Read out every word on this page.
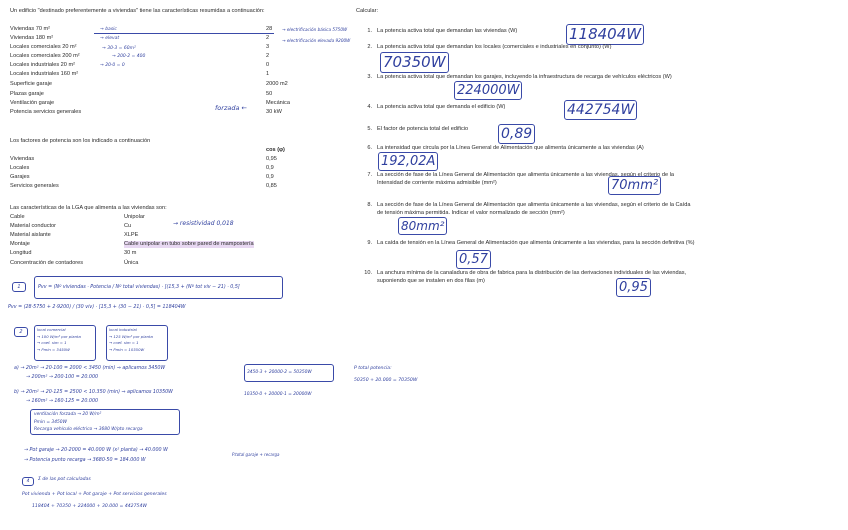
Un edificio "destinado preferentemente a viviendas" tiene las características resumidas a continuación:
Viviendas 70 m²	28
Viviendas 180 m²	2
Locales comerciales 20 m²	3
Locales comerciales 200 m²	2
Locales industriales 20 m²	0
Locales industriales 160 m²	1
Superficie garaje	2000 m2
Plazas garaje	50
Ventilación garaje	Mecánica
Potencia servicios generales	30 kW
Los factores de potencia son los indicado a continuación
cos (φ)
Viviendas	0,95
Locales	0,9
Garajes	0,9
Servicios generales	0,85
Las características de la LGA que alimenta a las viviendas son:
Cable	Unipolar
Material conductor	Cu
Material aislante	XLPE
Montaje	Cable unipolar en tubo sobre pared de mampostería
Longitud	30 m
Concentración de contadores	Única
→ basic
→ elevat
→ 30·3 = 60m²
→ 200·2 = 400
→ 20·0 = 0
→ electrificación básica 5750W
→ electrificación elevada 9200W
forzada ←
→ resistividad 0,018
1	Pvv = (Nº viviendas · Potencia / Nº total viviendas) · [(15,3 + (Nº tot viv − 21) · 0,5]
Pvv = (28·5750 + 2·9200) / (30 viv) · [15,3 + (30 − 21) · 0,5] = 118404W
2	local comercial
→ 100 W/m² por planta
→ coef. sim = 1
→ Pmin = 3450W
local industrial
→ 125 W/m² por planta
→ coef. sim = 1
→ Pmin = 10350W
a) → 20m² → 20·100 = 2000 < 3450 (min) ⇒ aplicamos 3450W
→ 200m² → 200·100 = 20.000
3450·3 + 20000·2 = 50350W
P total potencia:
50350 + 20.000 = 70350W
b) → 20m² → 20·125 = 2500 < 10.350 (min) ⇒ aplicamos 10350W
→ 160m² → 160·125 = 20.000
10350·0 + 20000·1 = 20000W
ventilación forzada → 20 W/m²
Pmin = 3450W
Recarga vehículo eléctrico → 3680 W/pto recarga
→ Pot garaje → 20·2000 = 40.000 W (x² planta) → 40.000 W
→ Potencia punto recarga → 3680·50 = 184.000 W
P.total garaje + recarga
4	Σ de las pot calculadas
Pot vivienda + Pot local + Pot garaje + Pot servicios generales
118404 + 70350 + 224000 + 30.000 = 442754W
Calcular:
1. La potencia activa total que demandan las viviendas (W)	118404W
2. La potencia activa total que demandan los locales (comerciales e industriales en conjunto) (W)
70350W
3. La potencia activa total que demandan los garajes, incluyendo la infraestructura de recarga de vehículos eléctricos (W)
224000W
4. La potencia activa total que demanda el edificio (W)	442754W
5. El factor de potencia total del edificio	0,89
6. La intensidad que circula por la Línea General de Alimentación que alimenta únicamente a las viviendas (A)
192,02A
7. La sección de fase de la Línea General de Alimentación que alimenta únicamente a las viviendas, según el criterio de la Intensidad de corriente máxima admisible (mm²)	70mm²
8. La sección de fase de la Línea General de Alimentación que alimenta únicamente a las viviendas, según el criterio de la Caída de tensión máxima permitida. Indicar el valor normalizado de sección (mm²)
80mm²
9. La caída de tensión en la Línea General de Alimentación que alimenta únicamente a las viviendas, para la sección definitiva (%)
0,57
10. La anchura mínima de la canaladura de obra de fabrica para la distribución de las derivaciones individuales de las viviendas, suponiendo que se instalen en dos filas (m)	0,95
